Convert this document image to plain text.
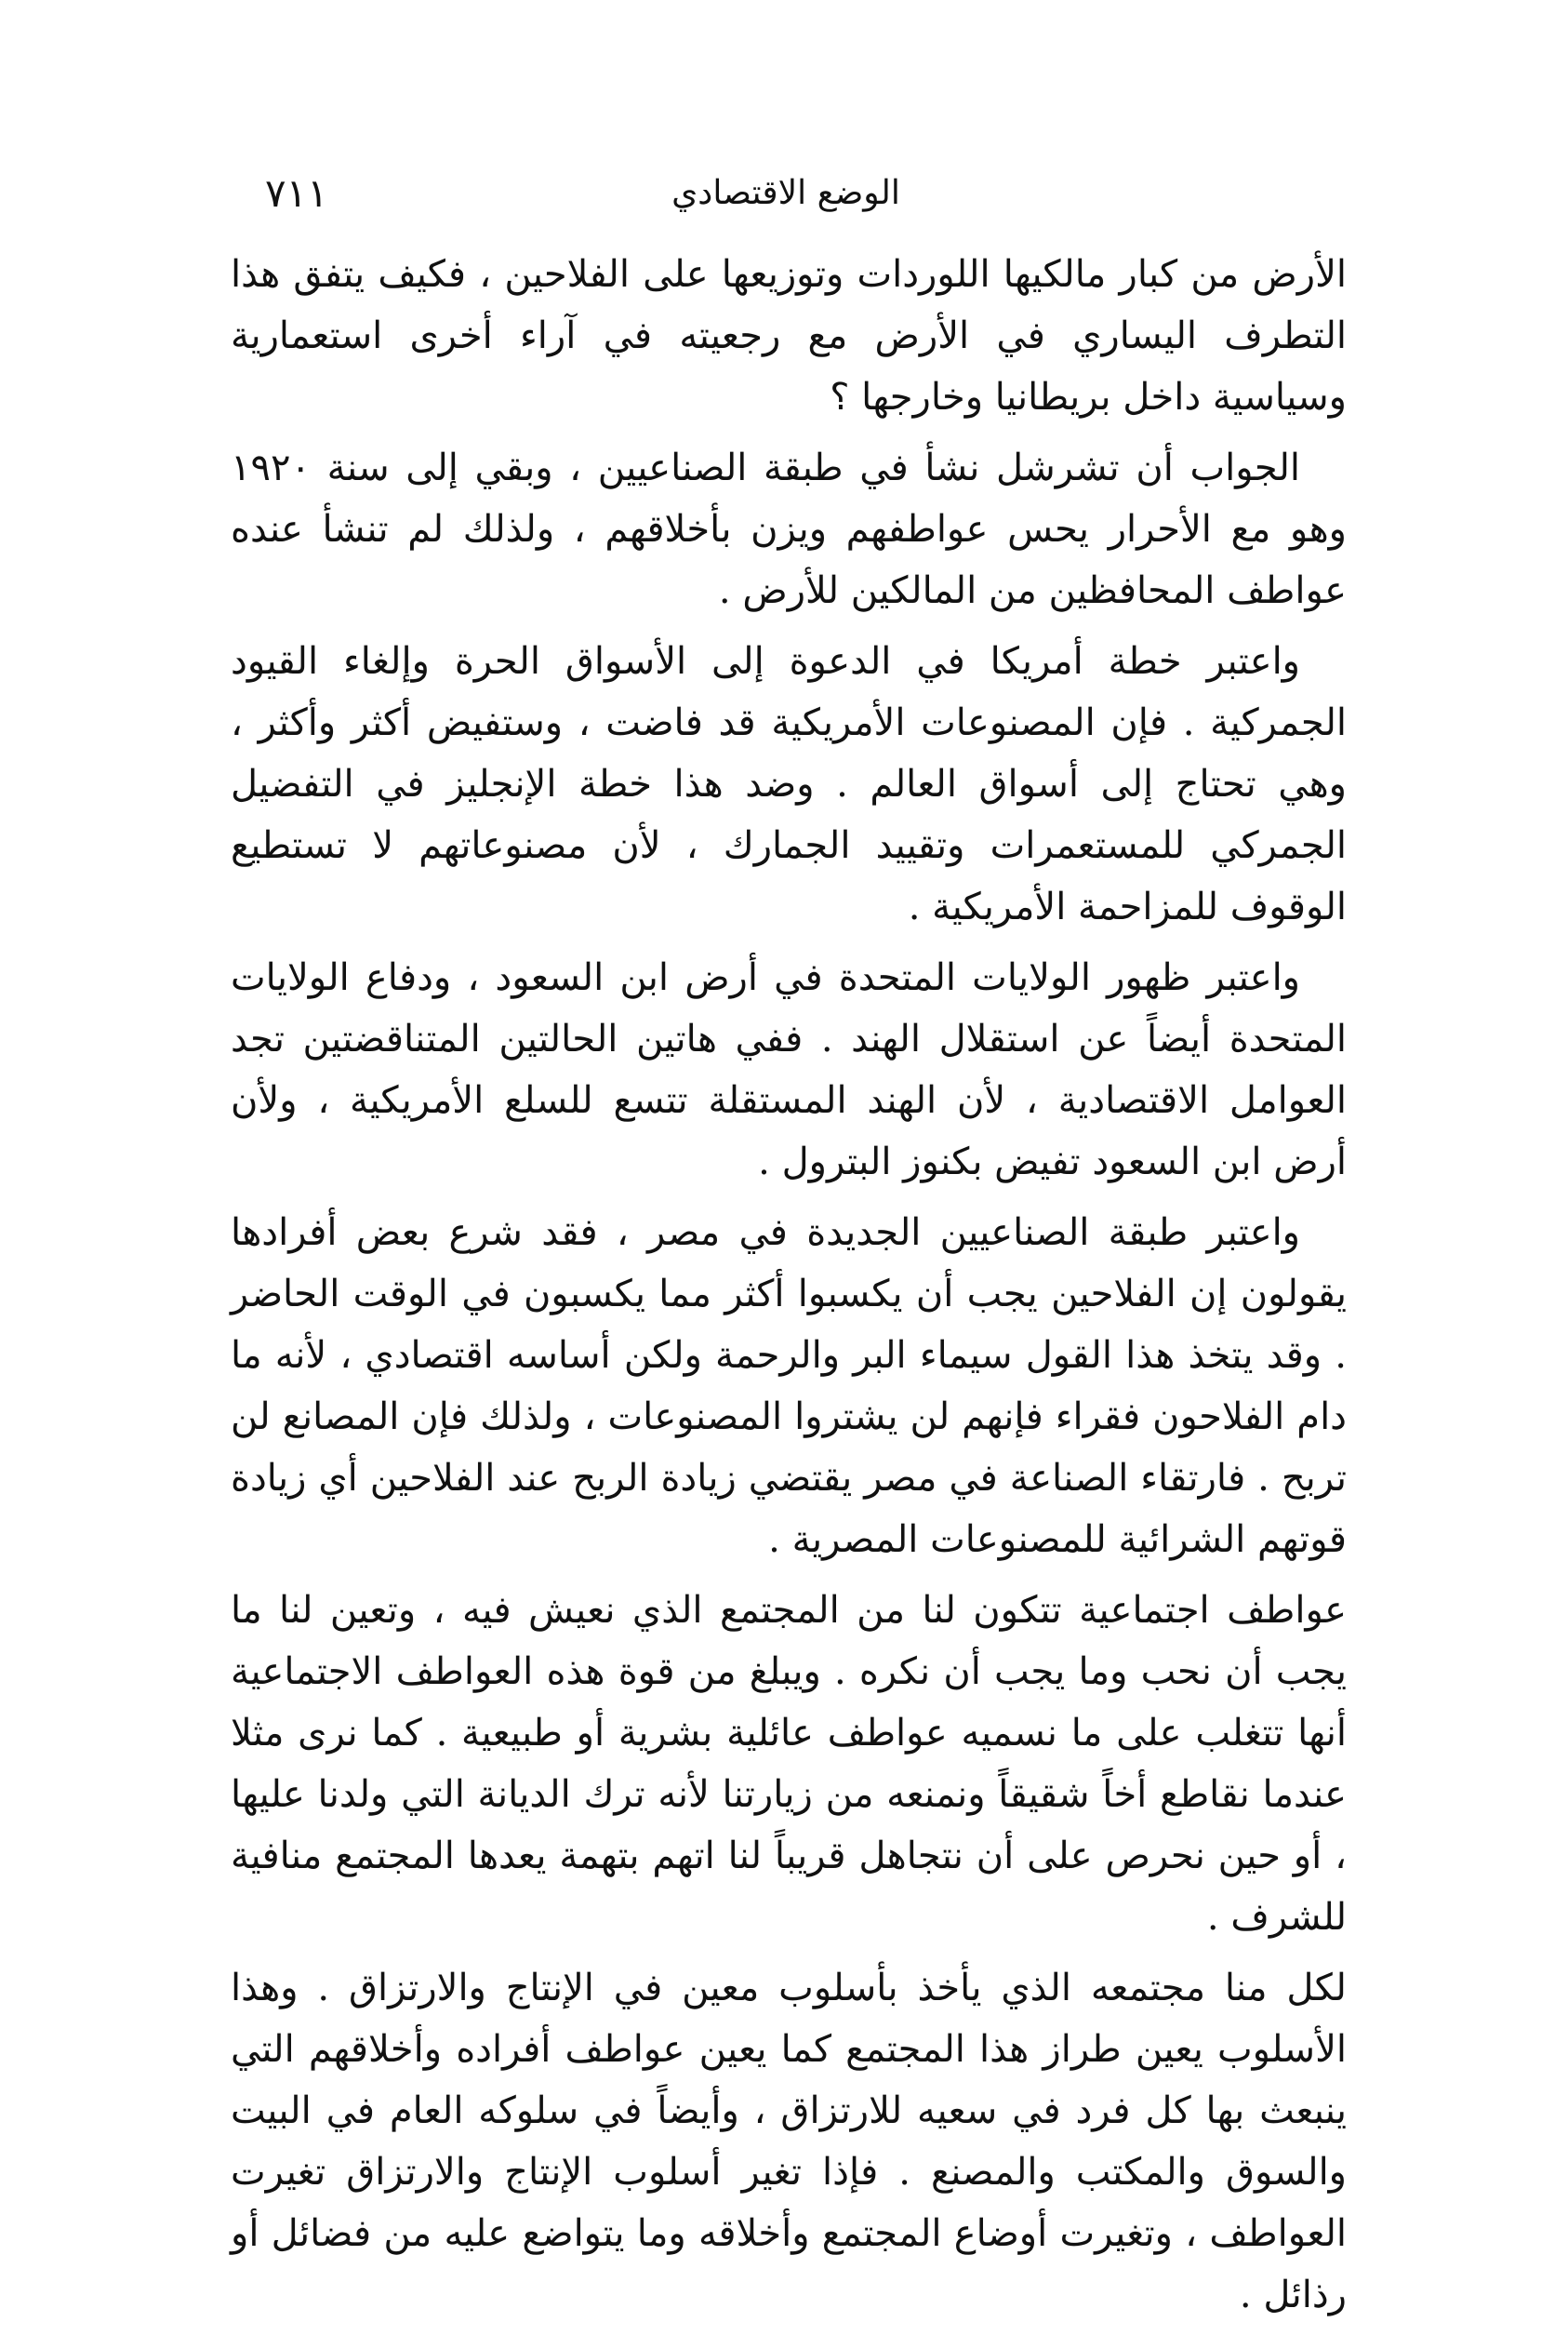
الوضع الاقتصادي
٧١١

الأرض من كبار مالكيها اللوردات وتوزيعها على الفلاحين ، فكيف يتفق هذا التطرف اليساري في الأرض مع رجعيته في آراء أخرى استعمارية وسياسية داخل بريطانيا وخارجها ؟

الجواب أن تشرشل نشأ في طبقة الصناعيين ، وبقي إلى سنة ١٩٢٠ وهو مع الأحرار يحس عواطفهم ويزن بأخلاقهم ، ولذلك لم تنشأ عنده عواطف المحافظين من المالكين للأرض .

واعتبر خطة أمريكا في الدعوة إلى الأسواق الحرة وإلغاء القيود الجمركية . فإن المصنوعات الأمريكية قد فاضت ، وستفيض أكثر وأكثر ، وهي تحتاج إلى أسواق العالم . وضد هذا خطة الإنجليز في التفضيل الجمركي للمستعمرات وتقييد الجمارك ، لأن مصنوعاتهم لا تستطيع الوقوف للمزاحمة الأمريكية .

واعتبر ظهور الولايات المتحدة في أرض ابن السعود ، ودفاع الولايات المتحدة أيضاً عن استقلال الهند . ففي هاتين الحالتين المتناقضتين تجد العوامل الاقتصادية ، لأن الهند المستقلة تتسع للسلع الأمريكية ، ولأن أرض ابن السعود تفيض بكنوز البترول .

واعتبر طبقة الصناعيين الجديدة في مصر ، فقد شرع بعض أفرادها يقولون إن الفلاحين يجب أن يكسبوا أكثر مما يكسبون في الوقت الحاضر . وقد يتخذ هذا القول سيماء البر والرحمة ولكن أساسه اقتصادي ، لأنه ما دام الفلاحون فقراء فإنهم لن يشتروا المصنوعات ، ولذلك فإن المصانع لن تربح . فارتقاء الصناعة في مصر يقتضي زيادة الربح عند الفلاحين أي زيادة قوتهم الشرائية للمصنوعات المصرية .

عواطف اجتماعية تتكون لنا من المجتمع الذي نعيش فيه ، وتعين لنا ما يجب أن نحب وما يجب أن نكره . ويبلغ من قوة هذه العواطف الاجتماعية أنها تتغلب على ما نسميه عواطف عائلية بشرية أو طبيعية . كما نرى مثلا عندما نقاطع أخاً شقيقاً ونمنعه من زيارتنا لأنه ترك الديانة التي ولدنا عليها ، أو حين نحرص على أن نتجاهل قريباً لنا اتهم بتهمة يعدها المجتمع منافية للشرف .

لكل منا مجتمعه الذي يأخذ بأسلوب معين في الإنتاج والارتزاق . وهذا الأسلوب يعين طراز هذا المجتمع كما يعين عواطف أفراده وأخلاقهم التي ينبعث بها كل فرد في سعيه للارتزاق ، وأيضاً في سلوكه العام في البيت والسوق والمكتب والمصنع . فإذا تغير أسلوب الإنتاج والارتزاق تغيرت العواطف ، وتغيرت أوضاع المجتمع وأخلاقه وما يتواضع عليه من فضائل أو رذائل .
